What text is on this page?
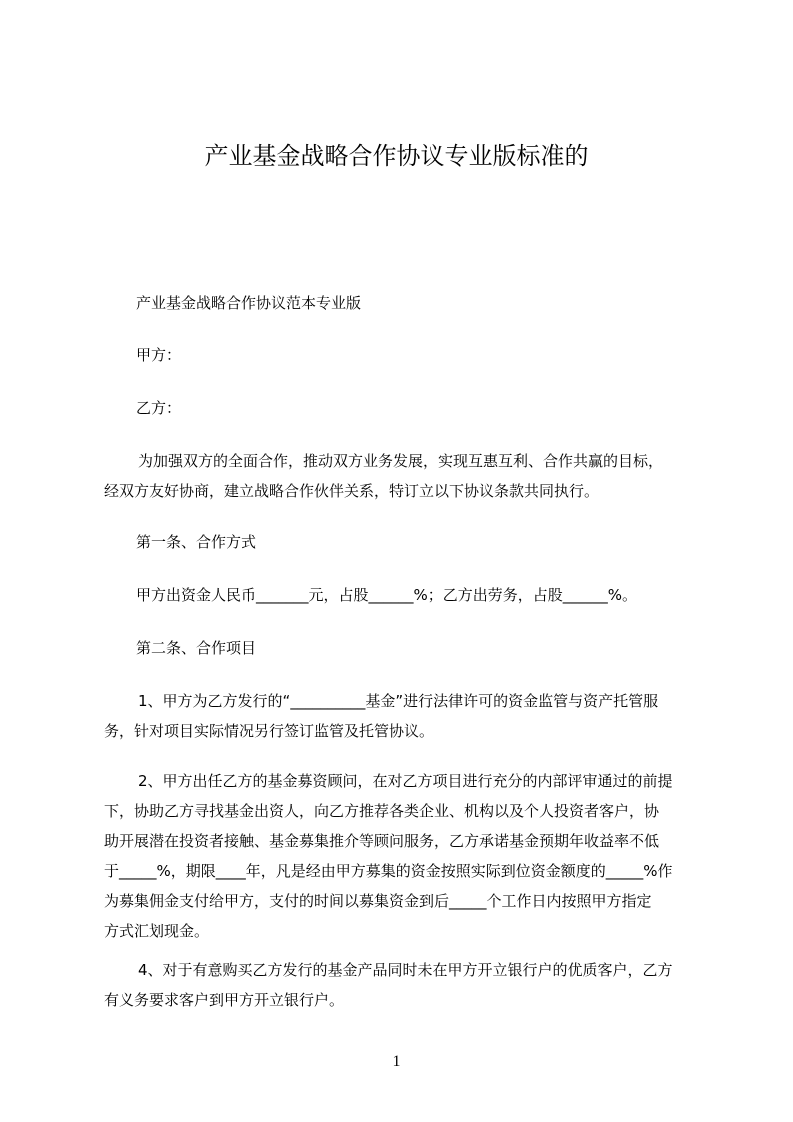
产业基金战略合作协议专业版标准的
产业基金战略合作协议范本专业版
甲方：
乙方：
为加强双方的全面合作，推动双方业务发展，实现互惠互利、合作共赢的目标，
经双方友好协商，建立战略合作伙伴关系，特订立以下协议条款共同执行。
第一条、合作方式
甲方出资金人民币_______元，占股______%；乙方出劳务，占股______%。
第二条、合作项目
1、甲方为乙方发行的“__________基金”进行法律许可的资金监管与资产托管服
务，针对项目实际情况另行签订监管及托管协议。
2、甲方出任乙方的基金募资顾问，在对乙方项目进行充分的内部评审通过的前提
下，协助乙方寻找基金出资人，向乙方推荐各类企业、机构以及个人投资者客户，协
助开展潜在投资者接触、基金募集推介等顾问服务，乙方承诺基金预期年收益率不低
于_____%，期限____年，凡是经由甲方募集的资金按照实际到位资金额度的_____%作
为募集佣金支付给甲方，支付的时间以募集资金到后_____个工作日内按照甲方指定
方式汇划现金。
4、对于有意购买乙方发行的基金产品同时未在甲方开立银行户的优质客户，乙方
有义务要求客户到甲方开立银行户。
1
